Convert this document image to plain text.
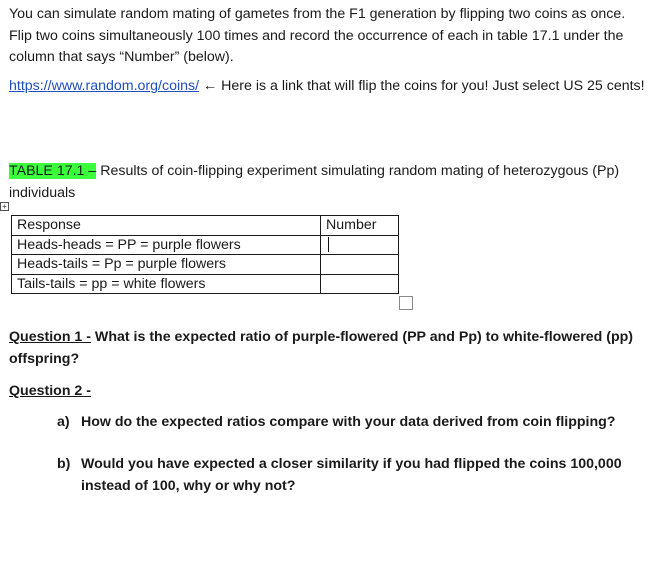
You can simulate random mating of gametes from the F1 generation by flipping two coins as once. Flip two coins simultaneously 100 times and record the occurrence of each in table 17.1 under the column that says “Number” (below).

https://www.random.org/coins/ ← Here is a link that will flip the coins for you! Just select US 25 cents!

TABLE 17.1 – Results of coin-flipping experiment simulating random mating of heterozygous (Pp) individuals

+
Response	Number
Heads-heads = PP = purple flowers	
Heads-tails = Pp = purple flowers	
Tails-tails = pp = white flowers	

Question 1 - What is the expected ratio of purple-flowered (PP and Pp) to white-flowered (pp) offspring?

Question 2 -

a) How do the expected ratios compare with your data derived from coin flipping?
b) Would you have expected a closer similarity if you had flipped the coins 100,000 instead of 100, why or why not?
